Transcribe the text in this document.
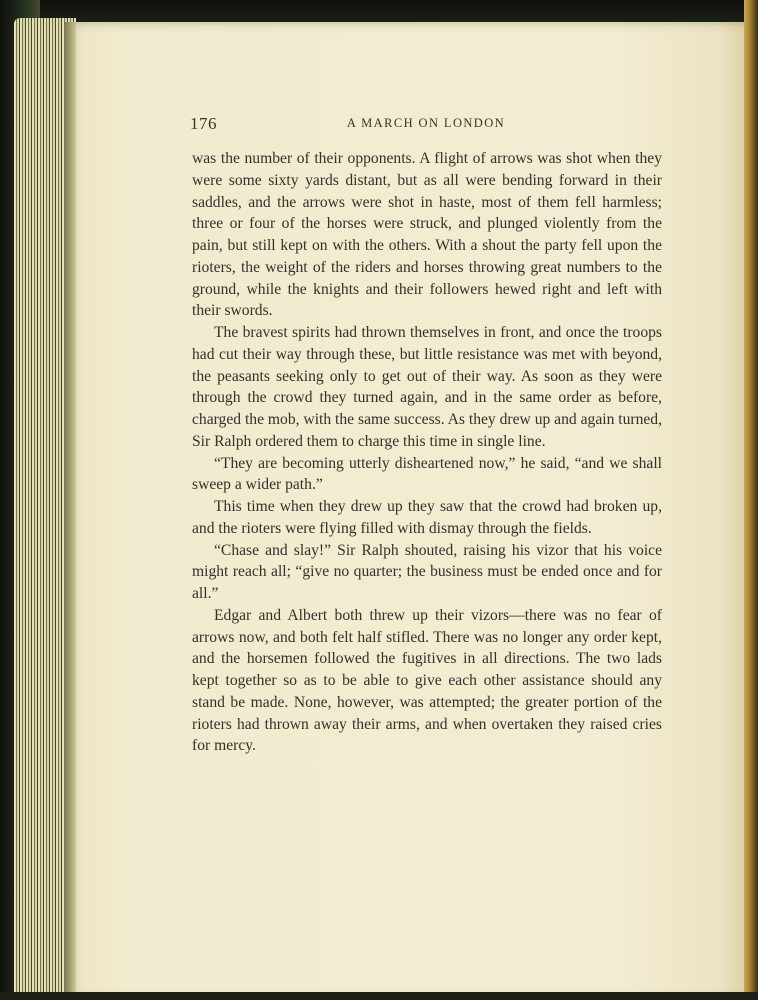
176	A MARCH ON LONDON

was the number of their opponents. A flight of arrows was shot when they were some sixty yards distant, but as all were bending forward in their saddles, and the arrows were shot in haste, most of them fell harmless; three or four of the horses were struck, and plunged violently from the pain, but still kept on with the others. With a shout the party fell upon the rioters, the weight of the riders and horses throwing great numbers to the ground, while the knights and their followers hewed right and left with their swords.

The bravest spirits had thrown themselves in front, and once the troops had cut their way through these, but little resistance was met with beyond, the peasants seeking only to get out of their way. As soon as they were through the crowd they turned again, and in the same order as before, charged the mob, with the same success. As they drew up and again turned, Sir Ralph ordered them to charge this time in single line.

“They are becoming utterly disheartened now,” he said, “and we shall sweep a wider path.”

This time when they drew up they saw that the crowd had broken up, and the rioters were flying filled with dismay through the fields.

“Chase and slay!” Sir Ralph shouted, raising his vizor that his voice might reach all; “give no quarter; the business must be ended once and for all.”

Edgar and Albert both threw up their vizors—there was no fear of arrows now, and both felt half stifled. There was no longer any order kept, and the horsemen followed the fugitives in all directions. The two lads kept together so as to be able to give each other assistance should any stand be made. None, however, was attempted; the greater portion of the rioters had thrown away their arms, and when overtaken they raised cries for mercy.
